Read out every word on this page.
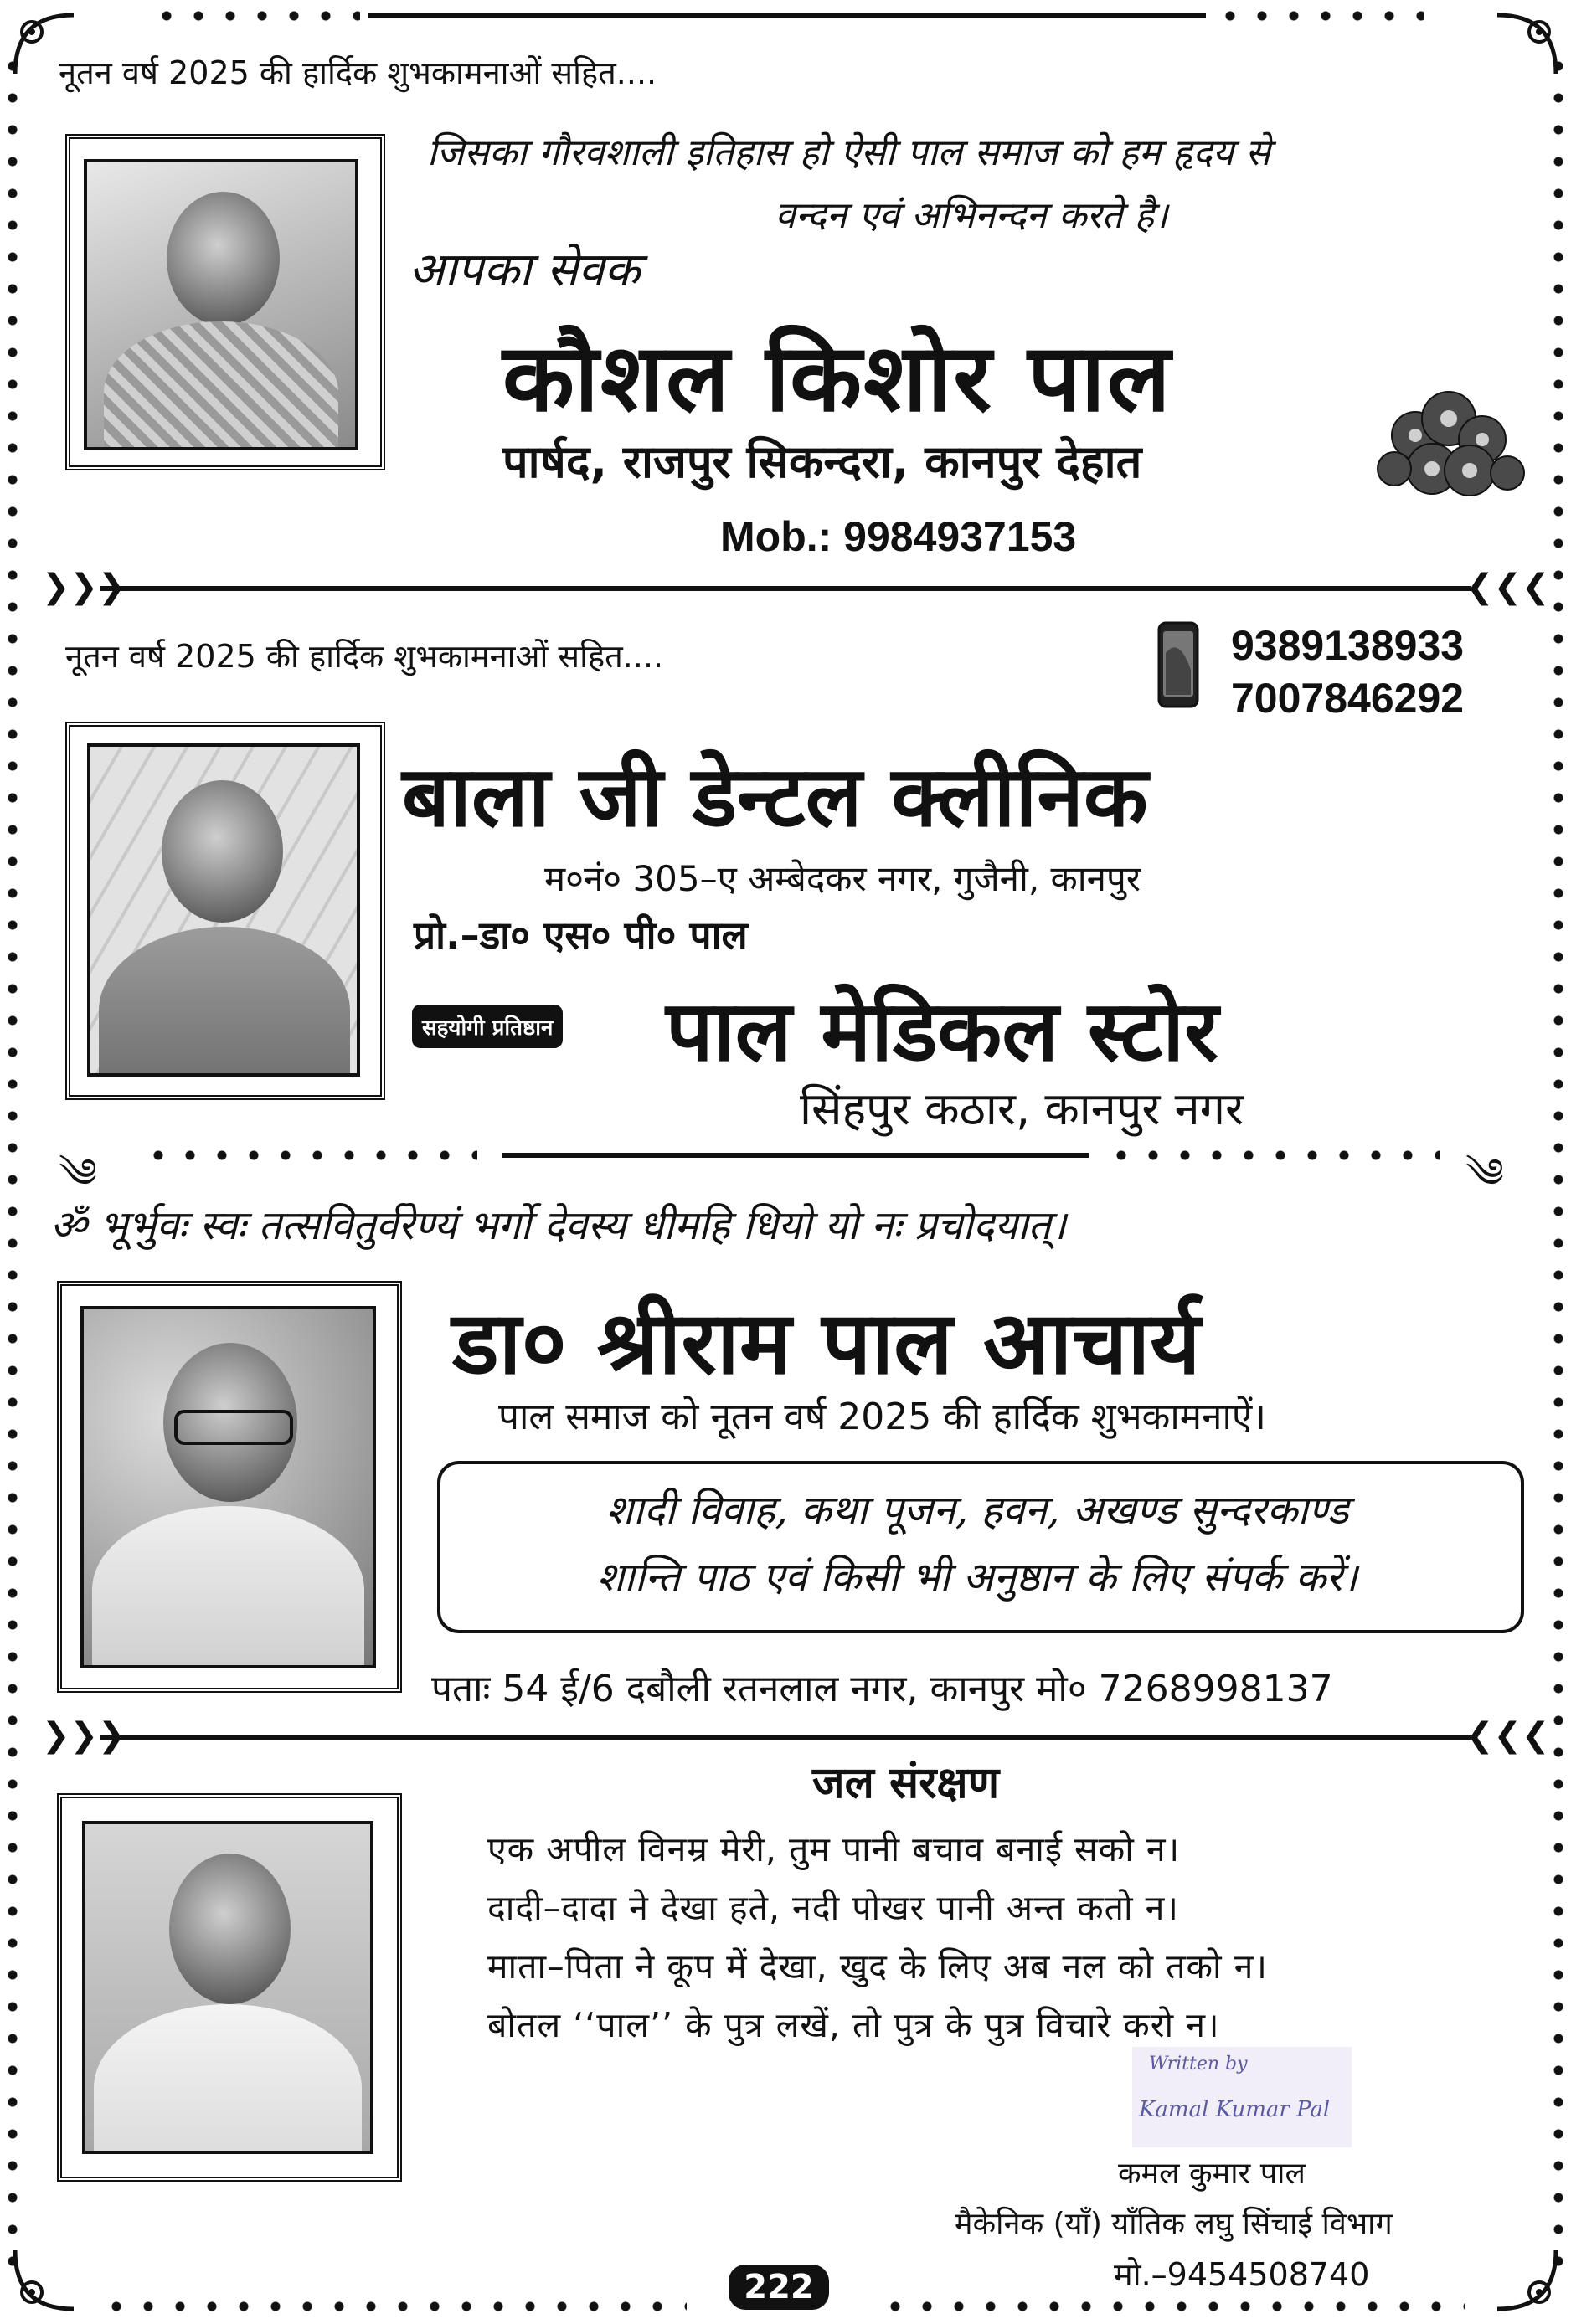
नूतन वर्ष 2025 की हार्दिक शुभकामनाओं सहित....
जिसका गौरवशाली इतिहास हो ऐसी पाल समाज को हम हृदय से
वन्दन एवं अभिनन्दन करते है।
आपका सेवक
कौशल किशोर पाल
पार्षद, राजपुर सिकन्दरा, कानपुर देहात
Mob.: 9984937153
❯❯❯	❮❮❮
नूतन वर्ष 2025 की हार्दिक शुभकामनाओं सहित....	9389138933
7007846292
बाला जी डेन्टल क्लीनिक
म०नं० 305–ए अम्बेदकर नगर, गुजैनी, कानपुर
प्रो.–डा० एस० पी० पाल
सहयोगी प्रतिष्ठान पाल मेडिकल स्टोर
सिंहपुर कठार, कानपुर नगर
༄	༄
ॐ भूर्भुवः स्वः तत्सवितुर्वरेण्यं भर्गो देवस्य धीमहि धियो यो नः प्रचोदयात्।
डा० श्रीराम पाल आचार्य
पाल समाज को नूतन वर्ष 2025 की हार्दिक शुभकामनाऐं।
शादी विवाह, कथा पूजन, हवन, अखण्ड सुन्दरकाण्ड
शान्ति पाठ एवं किसी भी अनुष्ठान के लिए संपर्क करें।
पताः 54 ई/6 दबौली रतनलाल नगर, कानपुर मो० 7268998137
❯❯❯	❮❮❮
जल संरक्षण
एक अपील विनम्र मेरी, तुम पानी बचाव बनाई सको न।
दादी–दादा ने देखा हते, नदी पोखर पानी अन्त कतो न।
माता–पिता ने कूप में देखा, खुद के लिए अब नल को तको न।
बोतल ‘‘पाल’’ के पुत्र लखें, तो पुत्र के पुत्र विचारे करो न।
Written by
Kamal Kumar Pal
कमल कुमार पाल
मैकेनिक (यॉं) यॉंतिक लघु सिंचाई विभाग
मो.–9454508740
222
